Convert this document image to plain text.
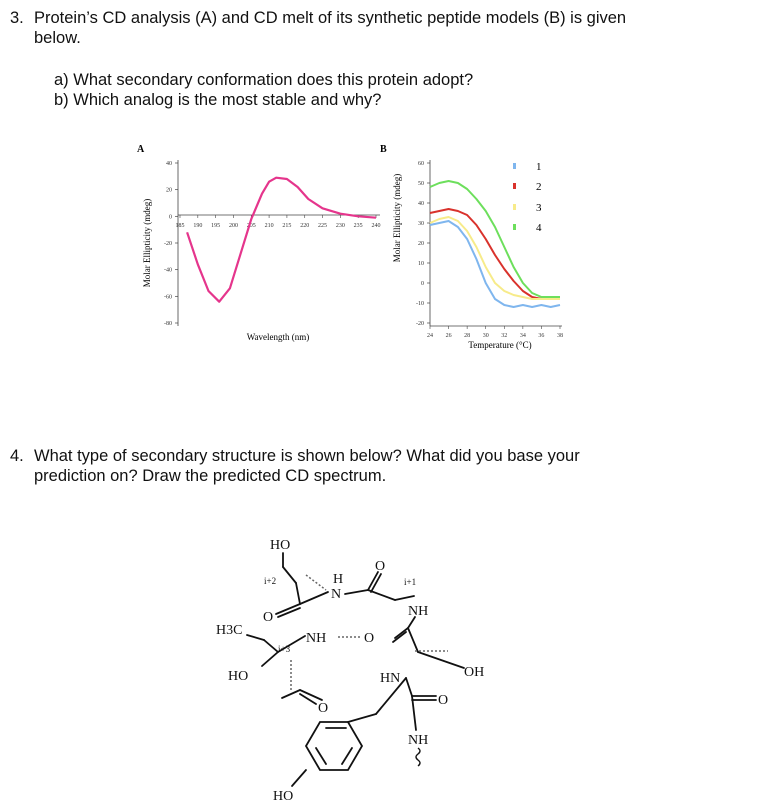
3. Protein’s CD analysis (A) and CD melt of its synthetic peptide models (B) is given
below.
a) What secondary conformation does this protein adopt?
b) Which analog is the most stable and why?
A
40
20
0
-20
-40
-60
-80
185 190 195 200 205 210 215 220 225 230 235 240
Wavelength (nm)
Molar Ellipticity (mdeg)
B
60
50
40
30
20
10
0
-10
-20
24 26 28 30 32 34 36 38
1
2
3
4
Temperature (°C)
Molar Ellipticity (mdeg)
4. What type of secondary structure is shown below? What did you base your
prediction on? Draw the predicted CD spectrum.
HO
i+2	H
N
O
i+1
NH
O
H3C
NH	O
i+3
HO	HN	OH
O
O
NH
HO
